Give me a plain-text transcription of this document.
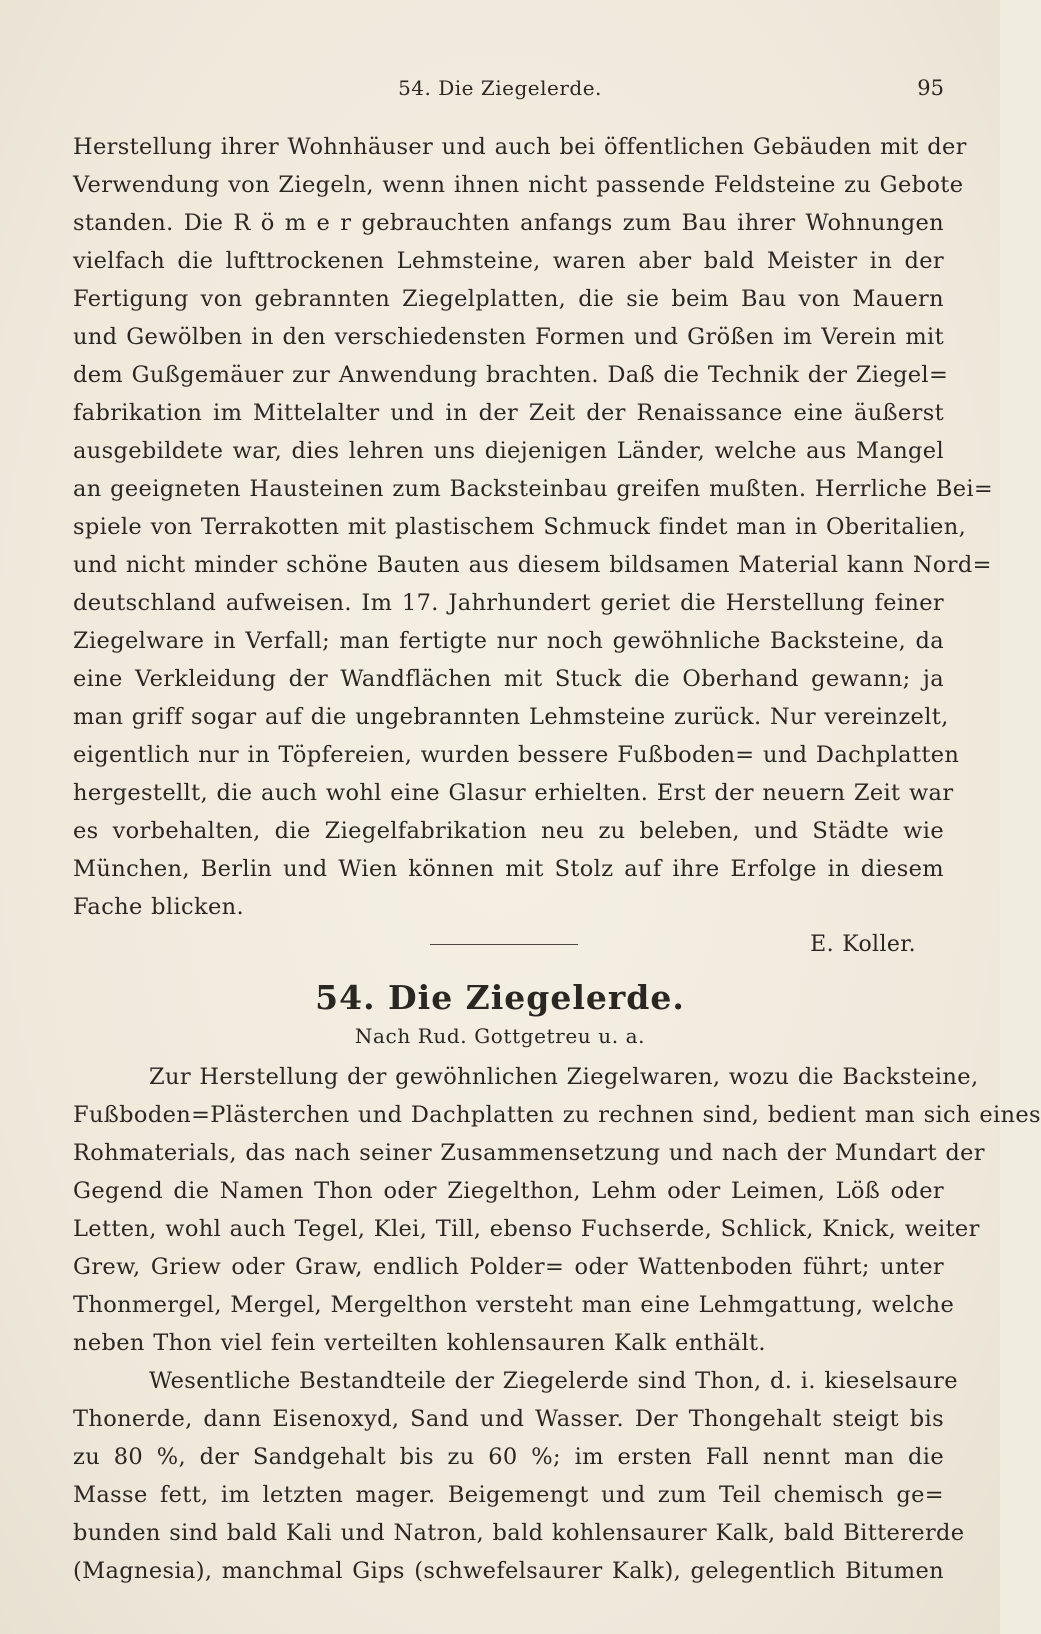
54. Die Ziegelerde.	95
Herstellung ihrer Wohnhäuser und auch bei öffentlichen Gebäuden mit der
Verwendung von Ziegeln, wenn ihnen nicht passende Feldsteine zu Gebote
standen. Die R ö m e r gebrauchten anfangs zum Bau ihrer Wohnungen
vielfach die lufttrockenen Lehmsteine, waren aber bald Meister in der
Fertigung von gebrannten Ziegelplatten, die sie beim Bau von Mauern
und Gewölben in den verschiedensten Formen und Größen im Verein mit
dem Gußgemäuer zur Anwendung brachten. Daß die Technik der Ziegel=
fabrikation im Mittelalter und in der Zeit der Renaissance eine äußerst
ausgebildete war, dies lehren uns diejenigen Länder, welche aus Mangel
an geeigneten Hausteinen zum Backsteinbau greifen mußten. Herrliche Bei=
spiele von Terrakotten mit plastischem Schmuck findet man in Oberitalien,
und nicht minder schöne Bauten aus diesem bildsamen Material kann Nord=
deutschland aufweisen. Im 17. Jahrhundert geriet die Herstellung feiner
Ziegelware in Verfall; man fertigte nur noch gewöhnliche Backsteine, da
eine Verkleidung der Wandflächen mit Stuck die Oberhand gewann; ja
man griff sogar auf die ungebrannten Lehmsteine zurück. Nur vereinzelt,
eigentlich nur in Töpfereien, wurden bessere Fußboden= und Dachplatten
hergestellt, die auch wohl eine Glasur erhielten. Erst der neuern Zeit war
es vorbehalten, die Ziegelfabrikation neu zu beleben, und Städte wie
München, Berlin und Wien können mit Stolz auf ihre Erfolge in diesem
Fache blicken.
E. Koller.
54. Die Ziegelerde.
Nach Rud. Gottgetreu u. a.
Zur Herstellung der gewöhnlichen Ziegelwaren, wozu die Backsteine,
Fußboden=Plästerchen und Dachplatten zu rechnen sind, bedient man sich eines
Rohmaterials, das nach seiner Zusammensetzung und nach der Mundart der
Gegend die Namen Thon oder Ziegelthon, Lehm oder Leimen, Löß oder
Letten, wohl auch Tegel, Klei, Till, ebenso Fuchserde, Schlick, Knick, weiter
Grew, Griew oder Graw, endlich Polder= oder Wattenboden führt; unter
Thonmergel, Mergel, Mergelthon versteht man eine Lehmgattung, welche
neben Thon viel fein verteilten kohlensauren Kalk enthält.
Wesentliche Bestandteile der Ziegelerde sind Thon, d. i. kieselsaure
Thonerde, dann Eisenoxyd, Sand und Wasser. Der Thongehalt steigt bis
zu 80 %, der Sandgehalt bis zu 60 %; im ersten Fall nennt man die
Masse fett, im letzten mager. Beigemengt und zum Teil chemisch ge=
bunden sind bald Kali und Natron, bald kohlensaurer Kalk, bald Bittererde
(Magnesia), manchmal Gips (schwefelsaurer Kalk), gelegentlich Bitumen
